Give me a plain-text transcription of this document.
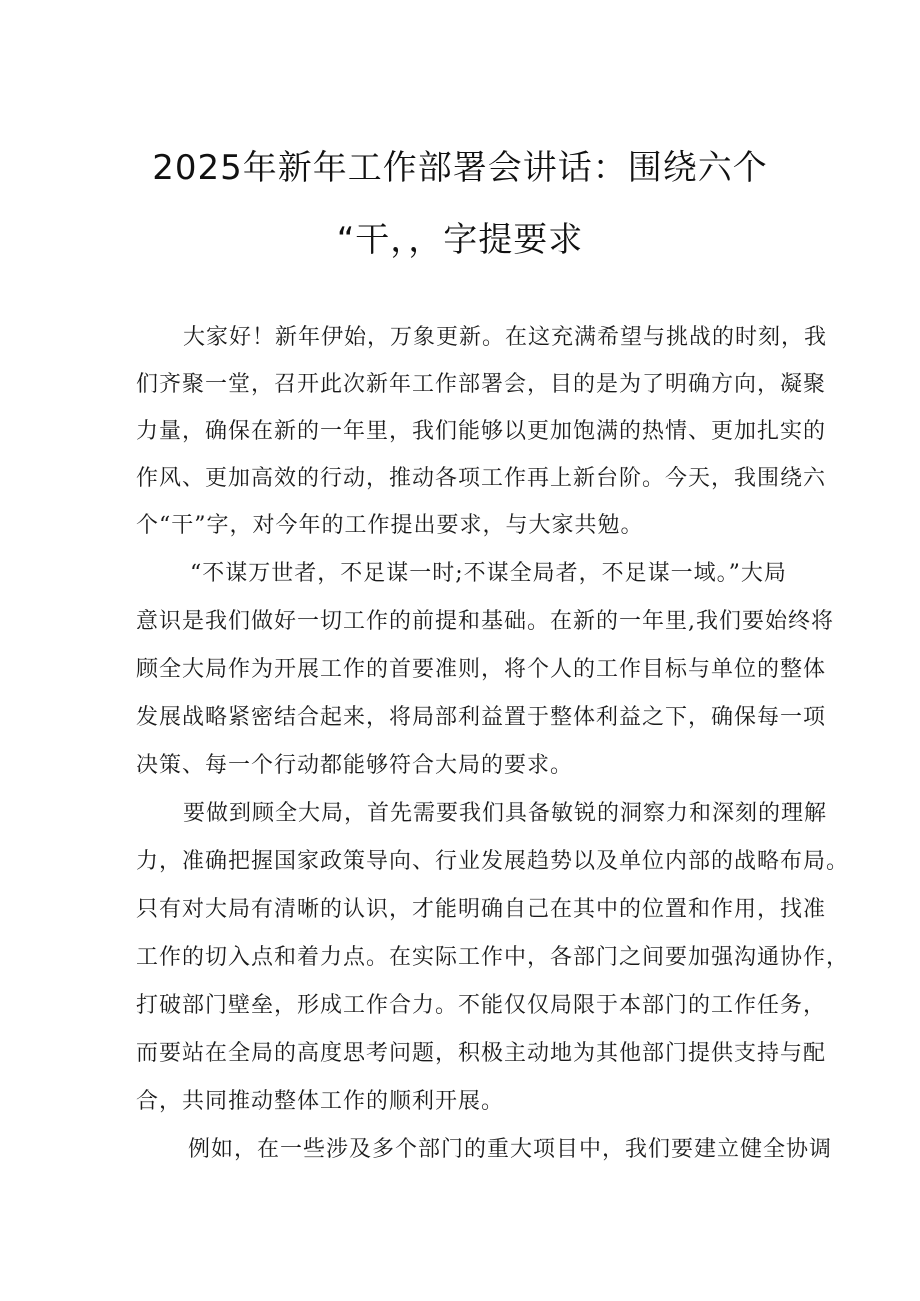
2025年新年工作部署会讲话：围绕六个
“干，，字提要求
大家好！新年伊始，万象更新。在这充满希望与挑战的时刻，我
们齐聚一堂，召开此次新年工作部署会，目的是为了明确方向，凝聚
力量，确保在新的一年里，我们能够以更加饱满的热情、更加扎实的
作风、更加高效的行动，推动各项工作再上新台阶。今天，我围绕六
个“干”字，对今年的工作提出要求，与大家共勉。
“不谋万世者，不足谋一时;不谋全局者，不足谋一域。”大局
意识是我们做好一切工作的前提和基础。在新的一年里,我们要始终将
顾全大局作为开展工作的首要准则，将个人的工作目标与单位的整体
发展战略紧密结合起来，将局部利益置于整体利益之下，确保每一项
决策、每一个行动都能够符合大局的要求。
要做到顾全大局，首先需要我们具备敏锐的洞察力和深刻的理解
力，准确把握国家政策导向、行业发展趋势以及单位内部的战略布局。
只有对大局有清晰的认识，才能明确自己在其中的位置和作用，找准
工作的切入点和着力点。在实际工作中，各部门之间要加强沟通协作，
打破部门壁垒，形成工作合力。不能仅仅局限于本部门的工作任务，
而要站在全局的高度思考问题，积极主动地为其他部门提供支持与配
合，共同推动整体工作的顺利开展。
例如，在一些涉及多个部门的重大项目中，我们要建立健全协调
